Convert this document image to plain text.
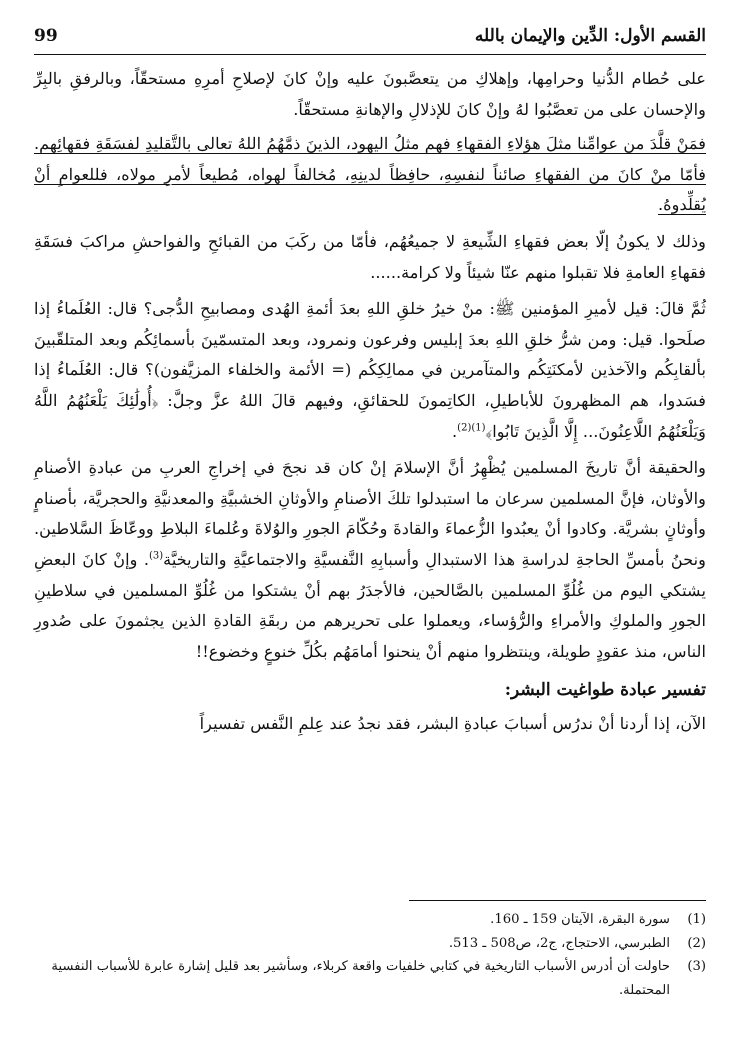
القسم الأول: الدِّين والإيمان بالله
99

على حُطام الدُّنيا وحرامِها، وإهلاكِ من يتعصَّبونَ عليه وإنْ كانَ لإصلاحِ أمرِهِ مستحقّاً، وبالرفقِ بالبِرِّ والإحسان على من تعصَّبُوا لهُ وإنْ كانَ للإذلالِ والإهانةِ مستحقّاً.

فمَنْ قلَّدَ من عوامِّنا مثلَ هؤلاءِ الفقهاءِ فهم مثلُ اليهود، الذينَ ذمَّهُمُ اللهُ تعالى بالتَّقليدِ لفسَقَةِ فقهائِهم. فأمّا منْ كانَ من الفقهاءِ صائناً لنفسِهِ، حافِظاً لدينِهِ، مُخالفاً لهواه، مُطيعاً لأمرِ مولاه، فللعوامِ أنْ يُقلِّدوهُ.

وذلك لا يكونُ إلّا بعض فقهاءِ الشِّيعةِ لا جميعُهُم، فأمّا من ركَبَ من القبائحِ والفواحشِ مراكبَ فسَقَةِ فقهاءِ العامةِ فلا تقبلوا منهم عنّا شيئاً ولا كرامة......

ثُمَّ قالَ: قيل لأميرِ المؤمنين ﷺ: منْ خيرُ خلقِ اللهِ بعدَ أئمةِ الهُدى ومصابيحِ الدُّجى؟ قال: العُلَماءُ إذا صلَحوا. قيل: ومن شرُّ خلقِ اللهِ بعدَ إبليس وفرعون ونمرود، وبعد المتسمّينَ بأسمائِكُم وبعد المتلقّبينَ بألقابِكُم والآخذين لأمكنَتِكُم والمتآمرين في ممالِكِكُم (= الأئمة والخلفاء المزيَّفون)؟ قال: العُلَماءُ إذا فسَدوا، هم المظهرونَ للأباطيلِ، الكاتِمونَ للحقائقِ، وفيهم قالَ اللهُ عزَّ وجلَّ: ﴿أُولَٰئِكَ يَلْعَنُهُمُ اللَّهُ وَيَلْعَنُهُمُ اللَّاعِنُونَ... إِلَّا الَّذِينَ تَابُوا﴾$^{(1)(2)}$.

والحقيقة أنَّ تاريخَ المسلمين يُظْهِرُ أنَّ الإسلامَ إنْ كان قد نجحَ في إخراجِ العربِ من عبادةِ الأصنامِ والأوثان، فإنَّ المسلمين سرعان ما استبدلوا تلكَ الأصنامِ والأوثانِ الخشبيَّةِ والمعدنيَّةِ والحجريَّة، بأصنامٍ وأوثانٍ بشريَّة. وكادوا أنْ يعبُدوا الزُّعماءَ والقادةَ وحُكّامَ الجورِ والوُلاةَ وعُلماءَ البلاطِ ووعّاظَ السَّلاطين. ونحنُ بأمسِّ الحاجةِ لدراسةِ هذا الاستبدالِ وأسبابِهِ النَّفسيَّةِ والاجتماعيَّةِ والتاريخيَّة$^{(3)}$. وإنْ كانَ البعضِ يشتكي اليوم من غُلُوِّ المسلمين بالصَّالحين، فالأجدَرُ بهم أنْ يشتكوا من غُلُوِّ المسلمين في سلاطينِ الجورِ والملوكِ والأمراءِ والرُّؤساء، ويعملوا على تحريرهم من ربقَةِ القادةِ الذين يجثمونَ على صُدورِ الناس، منذ عقودٍ طويلة، وينتظروا منهم أنْ ينحنوا أمامَهُم بكُلِّ خنوعٍ وخضوع!!

تفسير عبادة طواغيت البشر:

الآن، إذا أردنا أنْ ندرُس أسبابَ عبادةِ البشر، فقد نجدُ عند عِلمِ النَّفس تفسيراً

(1)
سورة البقرة، الآيتان 159 ـ 160.
(2)
الطبرسي، الاحتجاج، ج2، ص508 ـ 513.
(3)
حاولت أن أدرس الأسباب التاريخية في كتابي خلفيات واقعة كربلاء، وسأشير بعد قليل إشارة عابرة للأسباب النفسية المحتملة.
